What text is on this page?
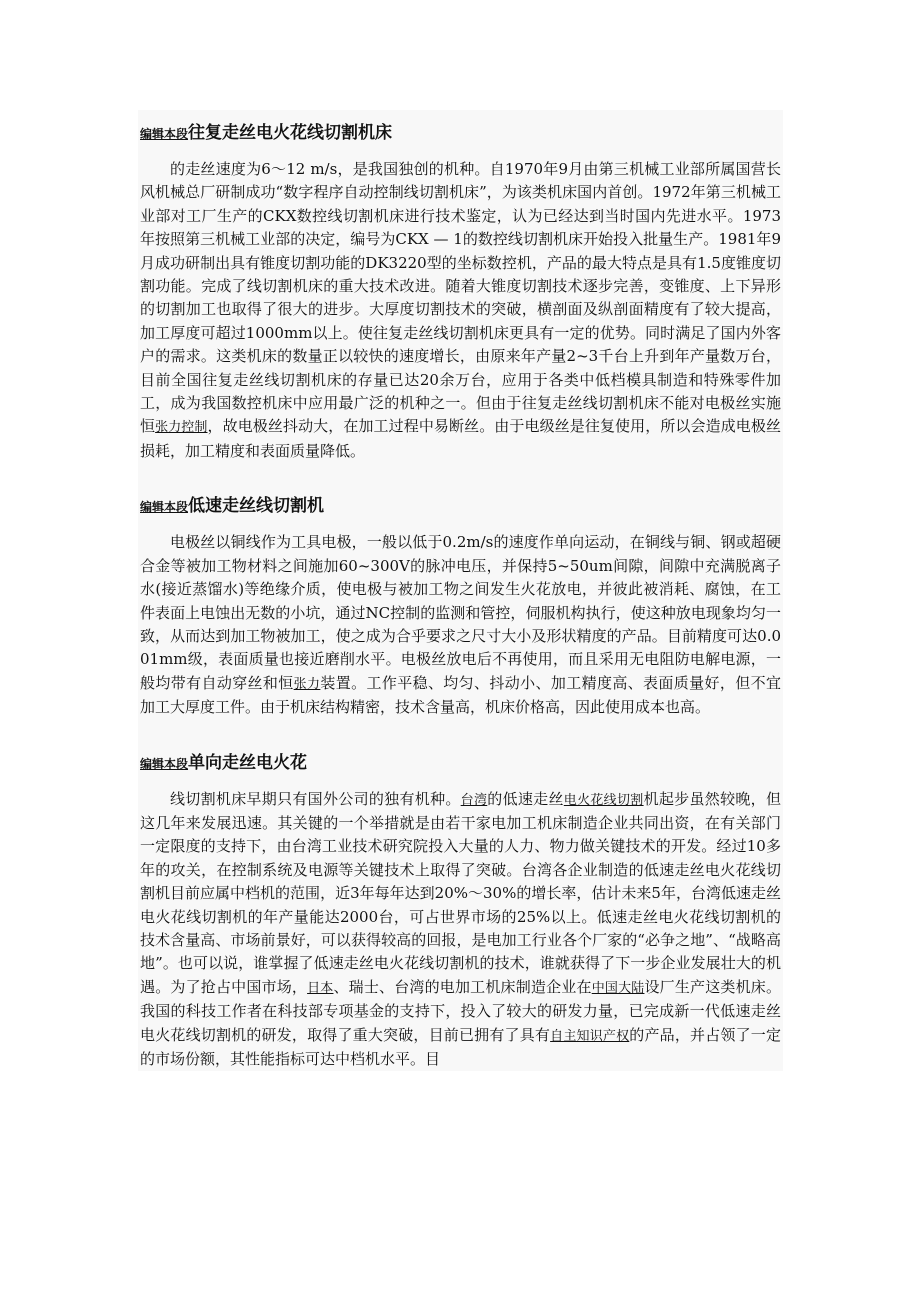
编辑本段往复走丝电火花线切割机床

的走丝速度为6～12 m/s，是我国独创的机种。自1970年9月由第三机械工业部所属国营长风机械总厂研制成功“数字程序自动控制线切割机床”，为该类机床国内首创。1972年第三机械工业部对工厂生产的CKX数控线切割机床进行技术鉴定，认为已经达到当时国内先进水平。1973年按照第三机械工业部的决定，编号为CKX — 1的数控线切割机床开始投入批量生产。1981年9月成功研制出具有锥度切割功能的DK3220型的坐标数控机，产品的最大特点是具有1.5度锥度切割功能。完成了线切割机床的重大技术改进。随着大锥度切割技术逐步完善，变锥度、上下异形的切割加工也取得了很大的进步。大厚度切割技术的突破，横剖面及纵剖面精度有了较大提高，加工厚度可超过1000mm以上。使往复走丝线切割机床更具有一定的优势。同时满足了国内外客户的需求。这类机床的数量正以较快的速度增长，由原来年产量2~3千台上升到年产量数万台，目前全国往复走丝线切割机床的存量已达20余万台，应用于各类中低档模具制造和特殊零件加工，成为我国数控机床中应用最广泛的机种之一。但由于往复走丝线切割机床不能对电极丝实施恒张力控制，故电极丝抖动大，在加工过程中易断丝。由于电级丝是往复使用，所以会造成电极丝损耗，加工精度和表面质量降低。

编辑本段低速走丝线切割机

电极丝以铜线作为工具电极，一般以低于0.2m/s的速度作单向运动，在铜线与铜、钢或超硬合金等被加工物材料之间施加60~300V的脉冲电压，并保持5~50um间隙，间隙中充满脱离子水(接近蒸馏水)等绝缘介质，使电极与被加工物之间发生火花放电，并彼此被消耗、腐蚀，在工件表面上电蚀出无数的小坑，通过NC控制的监测和管控，伺服机构执行，使这种放电现象均匀一致，从而达到加工物被加工，使之成为合乎要求之尺寸大小及形状精度的产品。目前精度可达0.001mm级，表面质量也接近磨削水平。电极丝放电后不再使用，而且采用无电阻防电解电源，一般均带有自动穿丝和恒张力装置。工作平稳、均匀、抖动小、加工精度高、表面质量好，但不宜加工大厚度工件。由于机床结构精密，技术含量高，机床价格高，因此使用成本也高。

编辑本段单向走丝电火花

线切割机床早期只有国外公司的独有机种。台湾的低速走丝电火花线切割机起步虽然较晚，但这几年来发展迅速。其关键的一个举措就是由若干家电加工机床制造企业共同出资，在有关部门一定限度的支持下，由台湾工业技术研究院投入大量的人力、物力做关键技术的开发。经过10多年的攻关，在控制系统及电源等关键技术上取得了突破。台湾各企业制造的低速走丝电火花线切割机目前应属中档机的范围，近3年每年达到20%～30%的增长率，估计未来5年，台湾低速走丝电火花线切割机的年产量能达2000台，可占世界市场的25%以上。低速走丝电火花线切割机的技术含量高、市场前景好，可以获得较高的回报，是电加工行业各个厂家的“必争之地”、“战略高地”。也可以说，谁掌握了低速走丝电火花线切割机的技术，谁就获得了下一步企业发展壮大的机遇。为了抢占中国市场，日本、瑞士、台湾的电加工机床制造企业在中国大陆设厂生产这类机床。我国的科技工作者在科技部专项基金的支持下，投入了较大的研发力量，已完成新一代低速走丝电火花线切割机的研发，取得了重大突破，目前已拥有了具有自主知识产权的产品，并占领了一定的市场份额，其性能指标可达中档机水平。目
